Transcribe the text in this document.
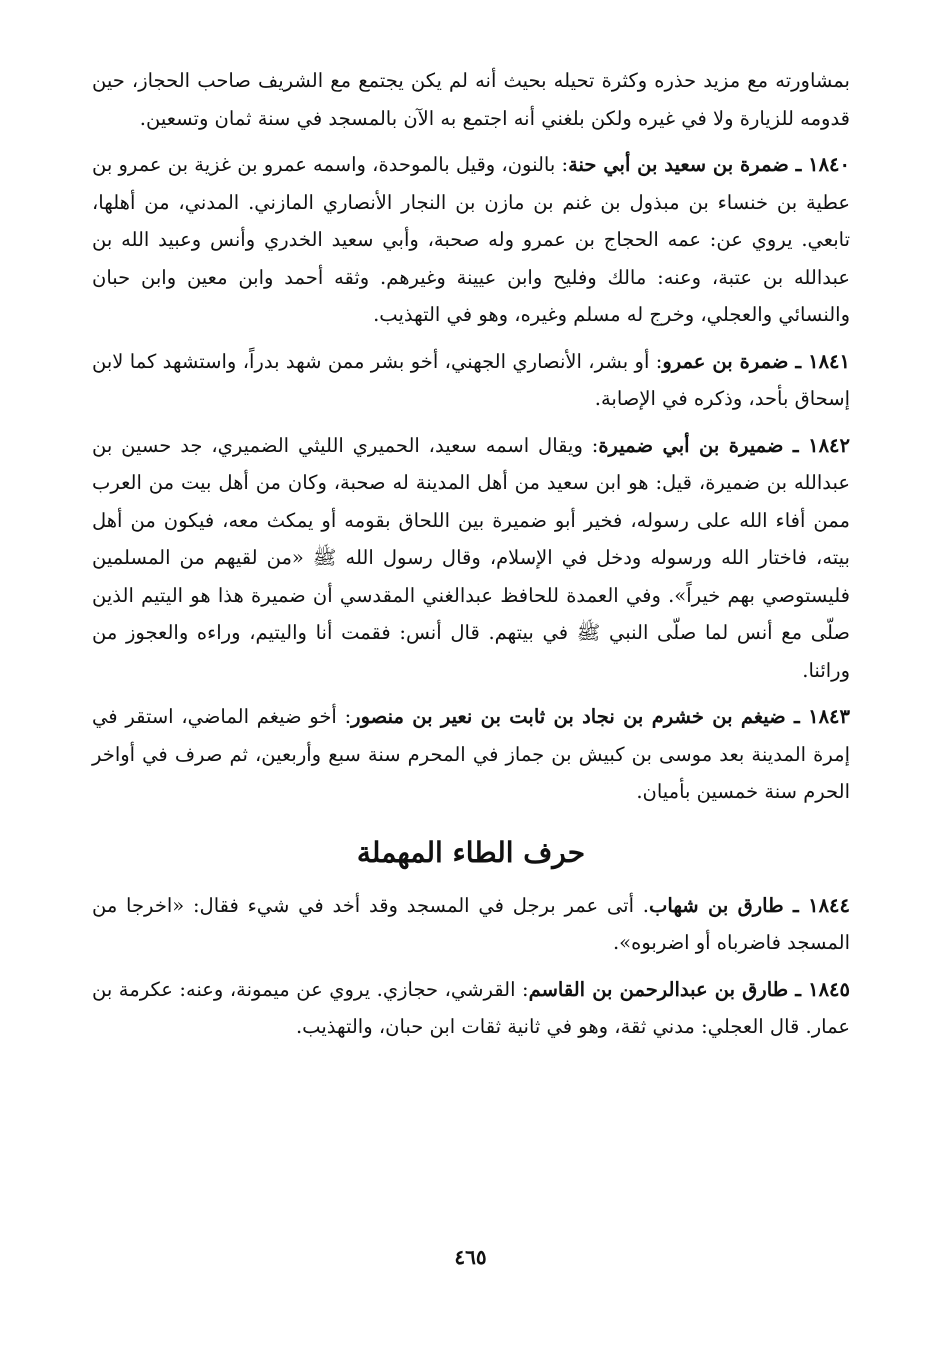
بمشاورته مع مزيد حذره وكثرة تحيله بحيث أنه لم يكن يجتمع مع الشريف صاحب الحجاز، حين قدومه للزيارة ولا في غيره ولكن بلغني أنه اجتمع به الآن بالمسجد في سنة ثمان وتسعين.

١٨٤٠ ـ ضمرة بن سعيد بن أبي حنة: بالنون، وقيل بالموحدة، واسمه عمرو بن غزية بن عمرو بن عطية بن خنساء بن مبذول بن غنم بن مازن بن النجار الأنصاري المازني. المدني، من أهلها، تابعي. يروي عن: عمه الحجاج بن عمرو وله صحبة، وأبي سعيد الخدري وأنس وعبيد الله بن عبدالله بن عتبة، وعنه: مالك وفليح وابن عيينة وغيرهم. وثقه أحمد وابن معين وابن حبان والنسائي والعجلي، وخرج له مسلم وغيره، وهو في التهذيب.

١٨٤١ ـ ضمرة بن عمرو: أو بشر، الأنصاري الجهني، أخو بشر ممن شهد بدراً، واستشهد كما لابن إسحاق بأحد، وذكره في الإصابة.

١٨٤٢ ـ ضميرة بن أبي ضميرة: ويقال اسمه سعيد، الحميري الليثي الضميري، جد حسين بن عبدالله بن ضميرة، قيل: هو ابن سعيد من أهل المدينة له صحبة، وكان من أهل بيت من العرب ممن أفاء الله على رسوله، فخير أبو ضميرة بين اللحاق بقومه أو يمكث معه، فيكون من أهل بيته، فاختار الله ورسوله ودخل في الإسلام، وقال رسول الله ﷺ «من لقيهم من المسلمين فليستوصي بهم خيراً». وفي العمدة للحافظ عبدالغني المقدسي أن ضميرة هذا هو اليتيم الذين صلّى مع أنس لما صلّى النبي ﷺ في بيتهم. قال أنس: فقمت أنا واليتيم، وراءه والعجوز من ورائنا.

١٨٤٣ ـ ضيغم بن خشرم بن نجاد بن ثابت بن نعير بن منصور: أخو ضيغم الماضي، استقر في إمرة المدينة بعد موسى بن كبيش بن جماز في المحرم سنة سبع وأربعين، ثم صرف في أواخر الحرم سنة خمسين بأميان.

حرف الطاء المهملة

١٨٤٤ ـ طارق بن شهاب. أتى عمر برجل في المسجد وقد أخد في شيء فقال: «اخرجا من المسجد فاضرباه أو اضربوه».

١٨٤٥ ـ طارق بن عبدالرحمن بن القاسم: القرشي، حجازي. يروي عن ميمونة، وعنه: عكرمة بن عمار. قال العجلي: مدني ثقة، وهو في ثانية ثقات ابن حبان، والتهذيب.

٤٦٥
